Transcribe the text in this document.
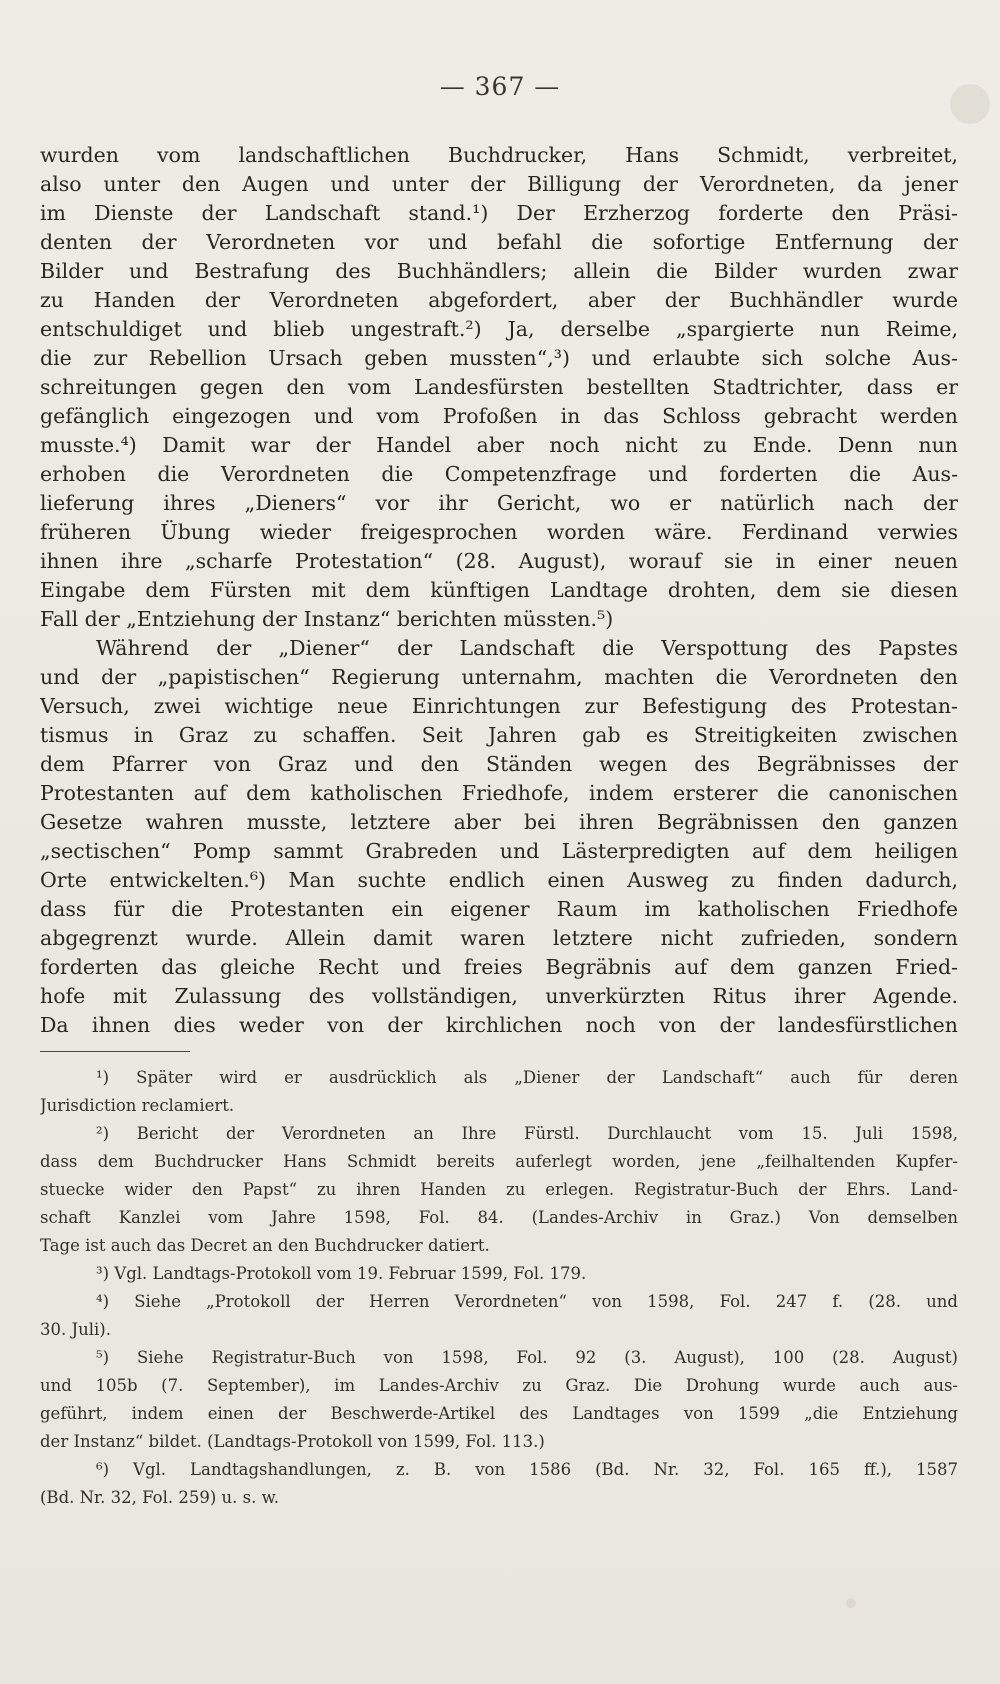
— 367 —
wurden vom landschaftlichen Buchdrucker, Hans Schmidt, verbreitet,
also unter den Augen und unter der Billigung der Verordneten, da jener
im Dienste der Landschaft stand.¹) Der Erzherzog forderte den Präsi-
denten der Verordneten vor und befahl die sofortige Entfernung der
Bilder und Bestrafung des Buchhändlers; allein die Bilder wurden zwar
zu Handen der Verordneten abgefordert, aber der Buchhändler wurde
entschuldiget und blieb ungestraft.²) Ja, derselbe „spargierte nun Reime,
die zur Rebellion Ursach geben mussten“,³) und erlaubte sich solche Aus-
schreitungen gegen den vom Landesfürsten bestellten Stadtrichter, dass er
gefänglich eingezogen und vom Profoßen in das Schloss gebracht werden
musste.⁴) Damit war der Handel aber noch nicht zu Ende. Denn nun
erhoben die Verordneten die Competenzfrage und forderten die Aus-
lieferung ihres „Dieners“ vor ihr Gericht, wo er natürlich nach der
früheren Übung wieder freigesprochen worden wäre. Ferdinand verwies
ihnen ihre „scharfe Protestation“ (28. August), worauf sie in einer neuen
Eingabe dem Fürsten mit dem künftigen Landtage drohten, dem sie diesen
Fall der „Entziehung der Instanz“ berichten müssten.⁵)
Während der „Diener“ der Landschaft die Verspottung des Papstes
und der „papistischen“ Regierung unternahm, machten die Verordneten den
Versuch, zwei wichtige neue Einrichtungen zur Befestigung des Protestan-
tismus in Graz zu schaffen. Seit Jahren gab es Streitigkeiten zwischen
dem Pfarrer von Graz und den Ständen wegen des Begräbnisses der
Protestanten auf dem katholischen Friedhofe, indem ersterer die canonischen
Gesetze wahren musste, letztere aber bei ihren Begräbnissen den ganzen
„sectischen“ Pomp sammt Grabreden und Lästerpredigten auf dem heiligen
Orte entwickelten.⁶) Man suchte endlich einen Ausweg zu finden dadurch,
dass für die Protestanten ein eigener Raum im katholischen Friedhofe
abgegrenzt wurde. Allein damit waren letztere nicht zufrieden, sondern
forderten das gleiche Recht und freies Begräbnis auf dem ganzen Fried-
hofe mit Zulassung des vollständigen, unverkürzten Ritus ihrer Agende.
Da ihnen dies weder von der kirchlichen noch von der landesfürstlichen
¹) Später wird er ausdrücklich als „Diener der Landschaft“ auch für deren
Jurisdiction reclamiert.
²) Bericht der Verordneten an Ihre Fürstl. Durchlaucht vom 15. Juli 1598,
dass dem Buchdrucker Hans Schmidt bereits auferlegt worden, jene „feilhaltenden Kupfer-
stuecke wider den Papst“ zu ihren Handen zu erlegen. Registratur-Buch der Ehrs. Land-
schaft Kanzlei vom Jahre 1598, Fol. 84. (Landes-Archiv in Graz.) Von demselben
Tage ist auch das Decret an den Buchdrucker datiert.
³) Vgl. Landtags-Protokoll vom 19. Februar 1599, Fol. 179.
⁴) Siehe „Protokoll der Herren Verordneten“ von 1598, Fol. 247 f. (28. und
30. Juli).
⁵) Siehe Registratur-Buch von 1598, Fol. 92 (3. August), 100 (28. August)
und 105b (7. September), im Landes-Archiv zu Graz. Die Drohung wurde auch aus-
geführt, indem einen der Beschwerde-Artikel des Landtages von 1599 „die Entziehung
der Instanz“ bildet. (Landtags-Protokoll von 1599, Fol. 113.)
⁶) Vgl. Landtagshandlungen, z. B. von 1586 (Bd. Nr. 32, Fol. 165 ff.), 1587
(Bd. Nr. 32, Fol. 259) u. s. w.
